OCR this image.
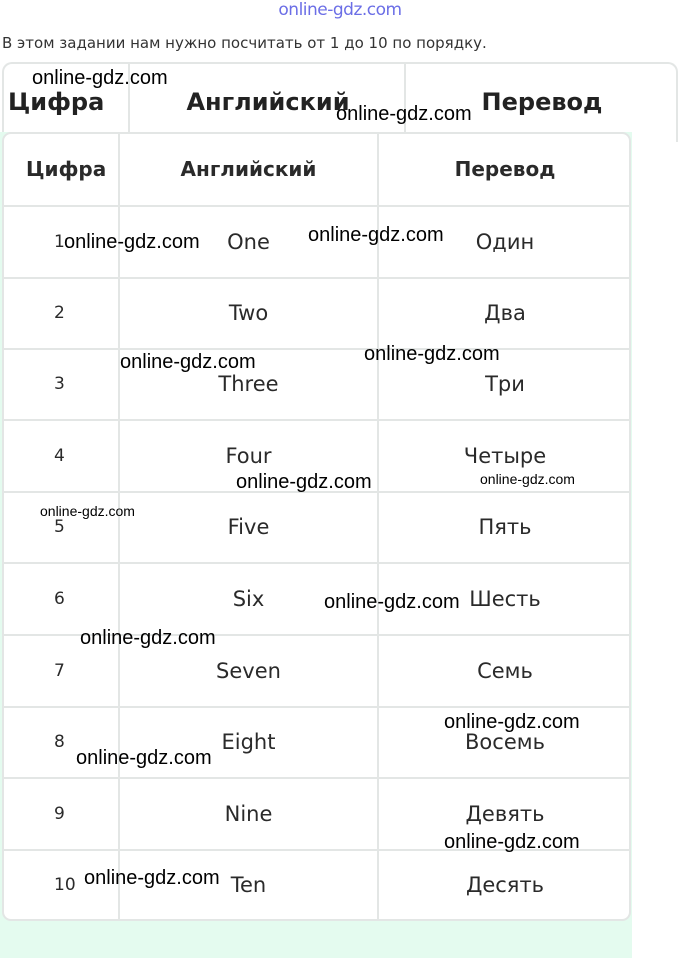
online-gdz.com
В этом задании нам нужно посчитать от 1 до 10 по порядку.
Цифра	Английский	Перевод
Цифра	Английский	Перевод
1	One	Один
2	Two	Два
3	Three	Три
4	Four	Четыре
5	Five	Пять
6	Six	Шесть
7	Seven	Семь
8	Eight	Восемь
9	Nine	Девять
10	Ten	Десять
online-gdz.com
online-gdz.com
online-gdz.com	online-gdz.com
online-gdz.com	online-gdz.com
online-gdz.com	online-gdz.com
online-gdz.com
online-gdz.com
online-gdz.com
online-gdz.com
online-gdz.com
online-gdz.com
online-gdz.com
